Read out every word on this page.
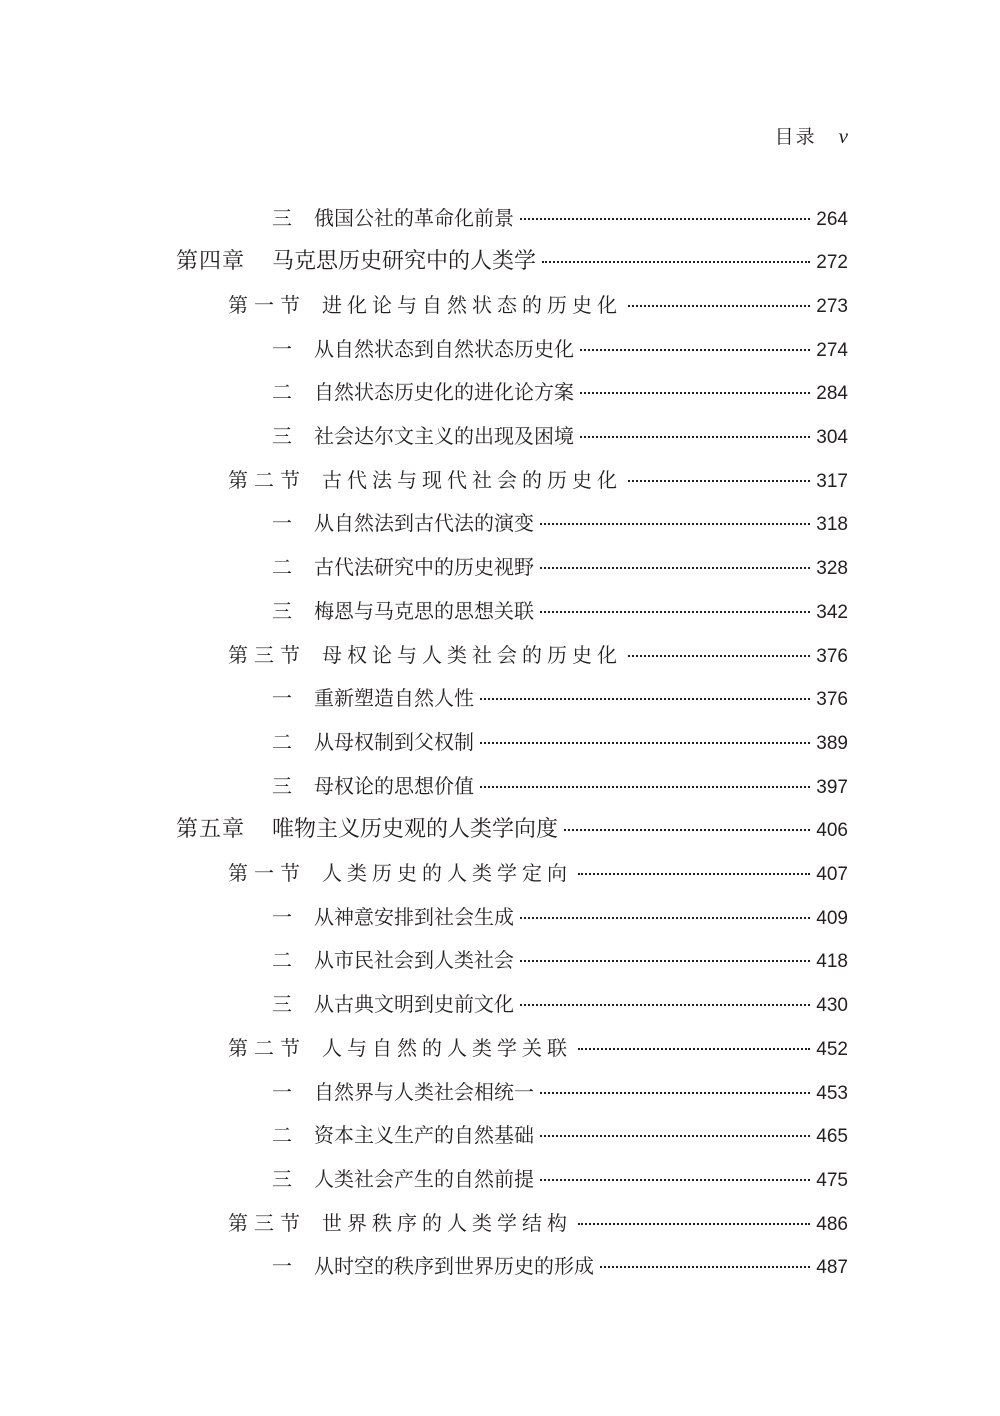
目录 v
三	俄国公社的革命化前景	264
第四章	马克思历史研究中的人类学	272
第一节 进化论与自然状态的历史化	273
一	从自然状态到自然状态历史化	274
二	自然状态历史化的进化论方案	284
三	社会达尔文主义的出现及困境	304
第二节 古代法与现代社会的历史化	317
一	从自然法到古代法的演变	318
二	古代法研究中的历史视野	328
三	梅恩与马克思的思想关联	342
第三节 母权论与人类社会的历史化	376
一	重新塑造自然人性	376
二	从母权制到父权制	389
三	母权论的思想价值	397
第五章	唯物主义历史观的人类学向度	406
第一节 人类历史的人类学定向	407
一	从神意安排到社会生成	409
二	从市民社会到人类社会	418
三	从古典文明到史前文化	430
第二节 人与自然的人类学关联	452
一	自然界与人类社会相统一	453
二	资本主义生产的自然基础	465
三	人类社会产生的自然前提	475
第三节 世界秩序的人类学结构	486
一	从时空的秩序到世界历史的形成	487
